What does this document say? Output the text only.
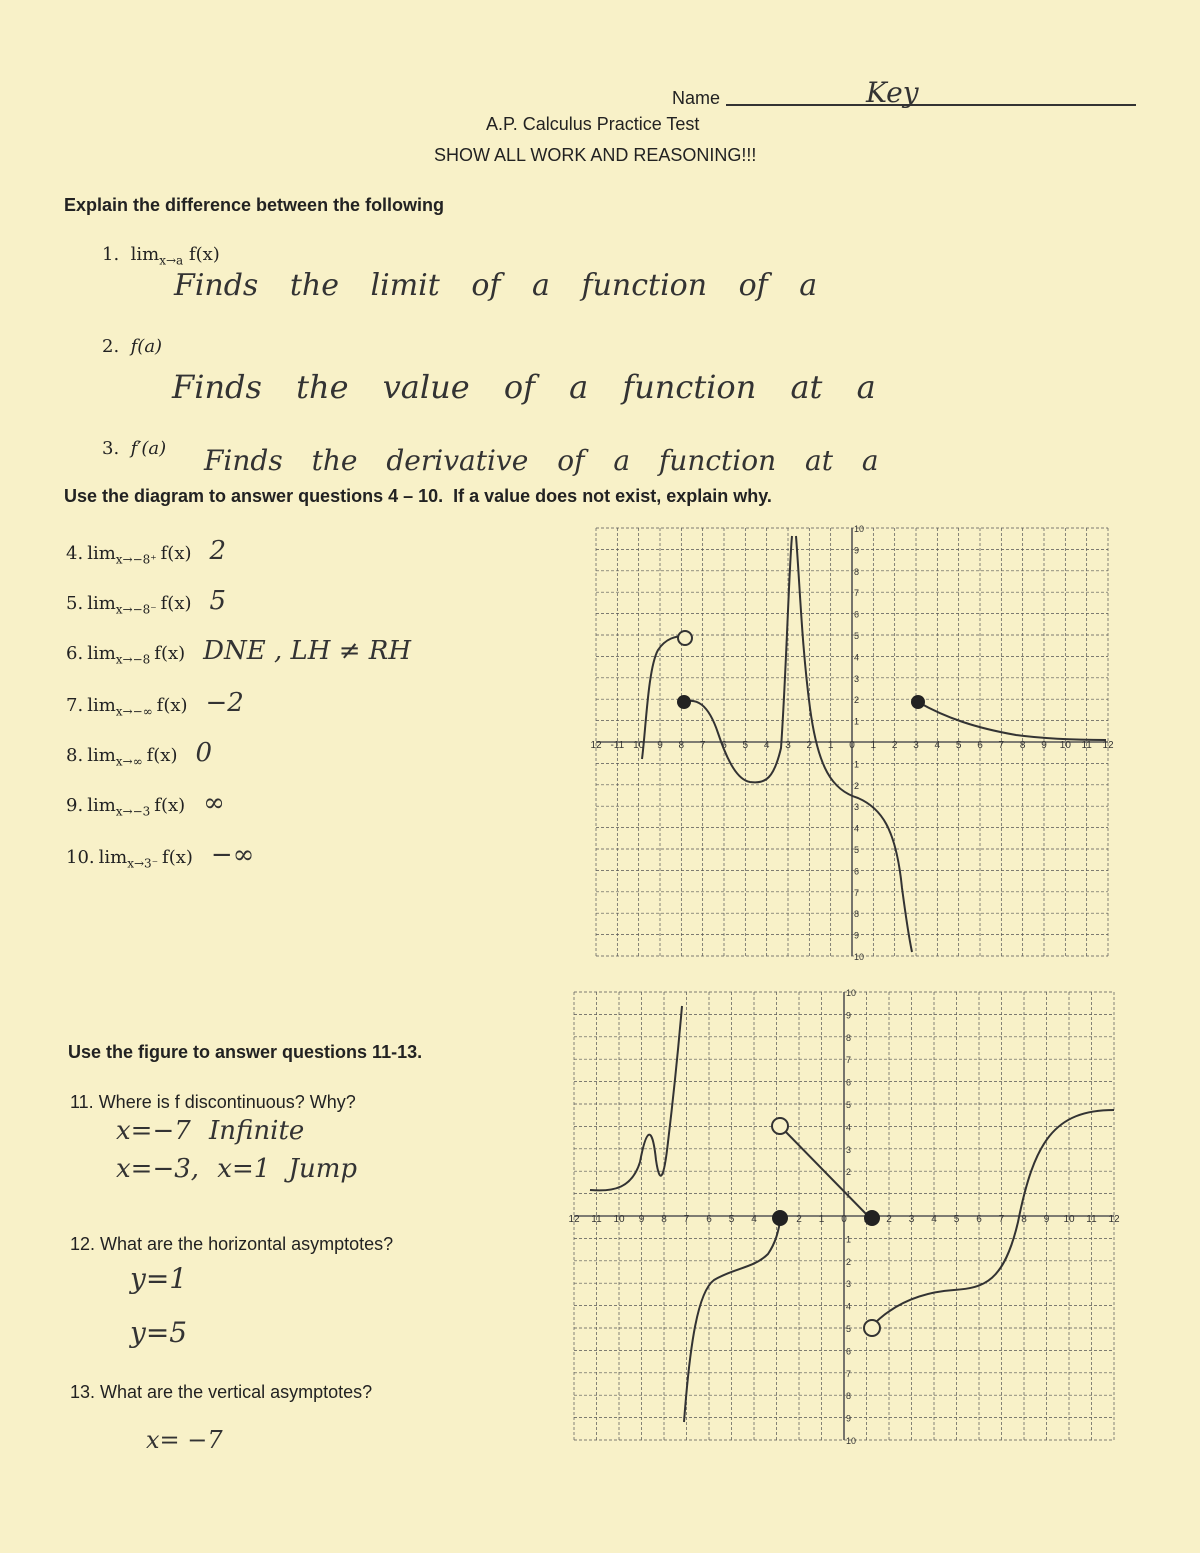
Name	Key
A.P. Calculus Practice Test
SHOW ALL WORK AND REASONING!!!
Explain the difference between the following
1. $\lim_{x\to a} f(x)$
Finds the limit of a function of a
2. f(a)
Finds the value of a function at a
3. f′(a) Finds the derivative of a function at a
Use the diagram to answer questions 4 – 10. If a value does not exist, explain why.
4. $\lim_{x\to-8^+} f(x)$ 2
5. $\lim_{x\to-8^-} f(x)$ 5
6. $\lim_{x\to-8} f(x)$ DNE , LH ≠ RH
7. $\lim_{x\to-\infty} f(x) -2$
8. $\lim_{x\to\infty} f(x)$ 0
9. $\lim_{x\to-3} f(x)$ ∞
10. $\lim_{x\to 3^-} f(x)$ −∞
12 -11 10 9 8 7 6 5 4 3 2 1 0 1 2 3 4 5 6 7 8 9 10 11 12
10
9
8
7
6
5
4
3
2
1
1
2
3
4
5
6
7
8
9
10
Use the figure to answer questions 11-13.
11. Where is f discontinuous? Why?
x=−7 Infinite
x=−3, x=1 Jump
12. What are the horizontal asymptotes?
y=1
y=5
13. What are the vertical asymptotes?
x= −7
12 11 10 9 8 7 6 5 4	2 1 0	2 3 4 5 6 7 8 9 10 11 12
10
9
8
7
6
5
4
3
2
1
1
2
3
4
5
6
7
8
9
10
